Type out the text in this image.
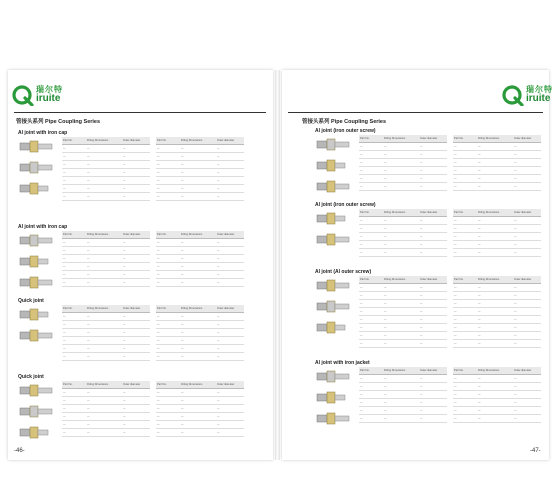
瑞尔特
iruite
瑞尔特
iruite
管接头系列 Pipe Coupling Series	管接头系列 Pipe Coupling Series
Al joint with iron cap
Part No.	Fitting Dimensions	Outer diameter
—	—	—
—	—	—
—	—	—
—	—	—
—	—	—
—	—	—
—	—	—
Part No.	Fitting Dimensions	Outer diameter
—	—	—
—	—	—
—	—	—
—	—	—
—	—	—
—	—	—
—	—	—
Al joint with iron cap
Part No.	Fitting Dimensions	Outer diameter
—	—	—
—	—	—
—	—	—
—	—	—
—	—	—
—	—	—
Part No.	Fitting Dimensions	Outer diameter
—	—	—
—	—	—
—	—	—
—	—	—
—	—	—
—	—	—
Quick joint
Part No.	Fitting Dimensions	Outer diameter
—	—	—
—	—	—
—	—	—
—	—	—
—	—	—
—	—	—
Part No.	Fitting Dimensions	Outer diameter
—	—	—
—	—	—
—	—	—
—	—	—
—	—	—
—	—	—
Quick joint
Part No.	Fitting Dimensions	Outer diameter
—	—	—
—	—	—
—	—	—
—	—	—
—	—	—
—	—	—
Part No.	Fitting Dimensions	Outer diameter
—	—	—
—	—	—
—	—	—
—	—	—
—	—	—
—	—	—
Al joint (iron outer screw)
Part No.	Fitting Dimensions	Outer diameter
—	—	—
—	—	—
—	—	—
—	—	—
—	—	—
—	—	—
Part No.	Fitting Dimensions	Outer diameter
—	—	—
—	—	—
—	—	—
—	—	—
—	—	—
—	—	—
Al joint (iron outer screw)
Part No.	Fitting Dimensions	Outer diameter
—	—	—
—	—	—
—	—	—
—	—	—
—	—	—
Part No.	Fitting Dimensions	Outer diameter
—	—	—
—	—	—
—	—	—
—	—	—
—	—	—
Al joint (Al outer screw)
Part No.	Fitting Dimensions	Outer diameter
—	—	—
—	—	—
—	—	—
—	—	—
—	—	—
—	—	—
—	—	—
—	—	—
Part No.	Fitting Dimensions	Outer diameter
—	—	—
—	—	—
—	—	—
—	—	—
—	—	—
—	—	—
—	—	—
—	—	—
Al joint with iron jacket
Part No.	Fitting Dimensions	Outer diameter
—	—	—
—	—	—
—	—	—
—	—	—
—	—	—
—	—	—
Part No.	Fitting Dimensions	Outer diameter
—	—	—
—	—	—
—	—	—
—	—	—
—	—	—
—	—	—
-46-	-47-
